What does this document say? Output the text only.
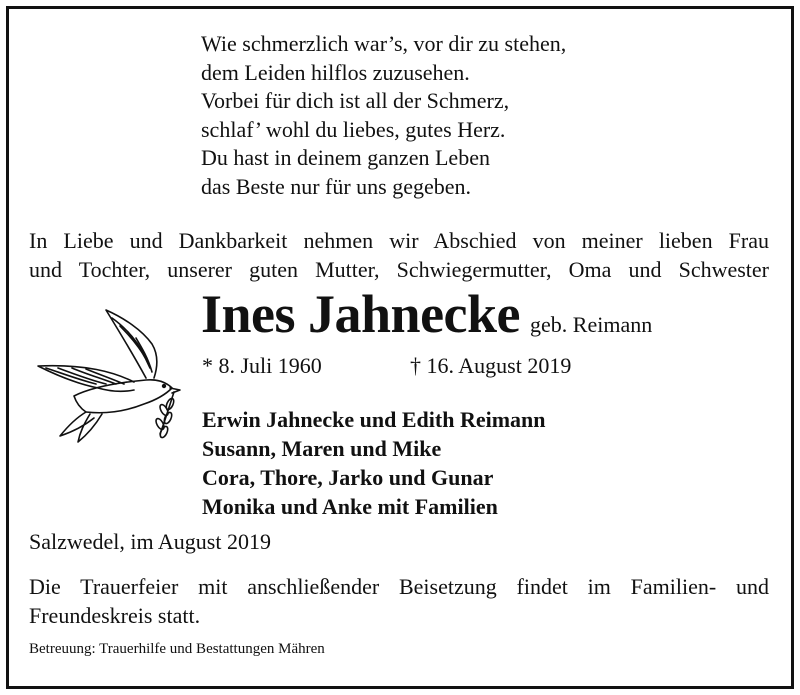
Wie schmerzlich war’s, vor dir zu stehen,
dem Leiden hilflos zuzusehen.
Vorbei für dich ist all der Schmerz,
schlaf’ wohl du liebes, gutes Herz.
Du hast in deinem ganzen Leben
das Beste nur für uns gegeben.
In Liebe und Dankbarkeit nehmen wir Abschied von meiner lieben Frau
und Tochter, unserer guten Mutter, Schwiegermutter, Oma und Schwester
Ines Jahnecke geb. Reimann
* 8. Juli 1960	† 16. August 2019
Erwin Jahnecke und Edith Reimann
Susann, Maren und Mike
Cora, Thore, Jarko und Gunar
Monika und Anke mit Familien
Salzwedel, im August 2019
Die Trauerfeier mit anschließender Beisetzung findet im Familien- und
Freundeskreis statt.
Betreuung: Trauerhilfe und Bestattungen Mähren
